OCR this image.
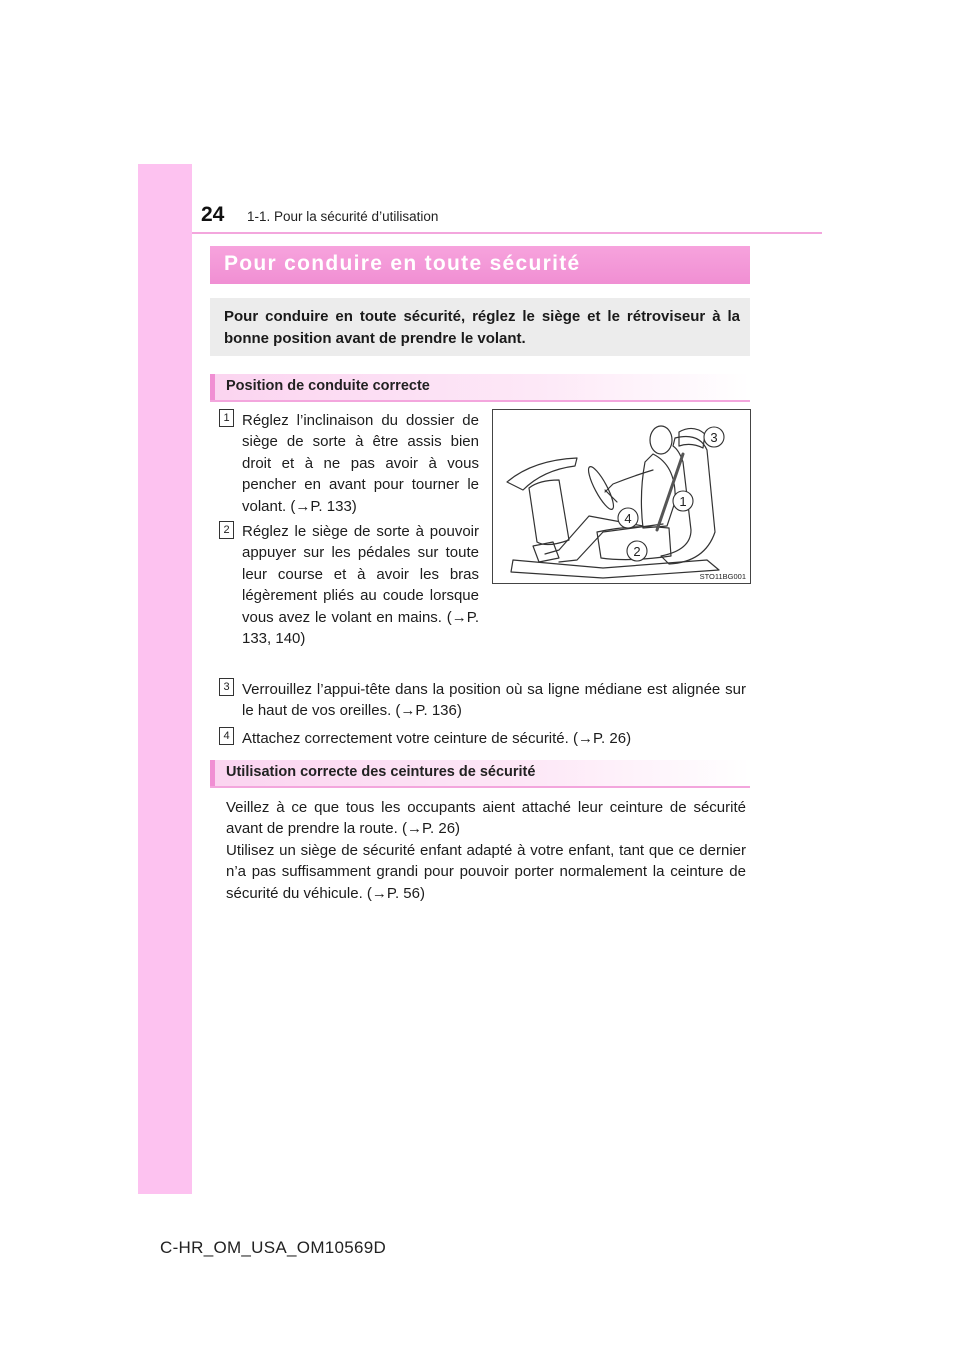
24 1-1. Pour la sécurité d’utilisation
Pour conduire en toute sécurité

Pour conduire en toute sécurité, réglez le siège et le rétroviseur à la bonne position avant de prendre le volant.

Position de conduite correcte
1 Réglez l’inclinaison du dossier de siège de sorte à être assis bien droit et à ne pas avoir à vous pencher en avant pour tourner le volant. (→P. 133)

2 Réglez le siège de sorte à pouvoir appuyer sur les pédales sur toute leur course et à avoir les bras légèrement pliés au coude lorsque vous avez le volant en mains. (→P. 133, 140)

3 Verrouillez l’appui-tête dans la position où sa ligne médiane est alignée sur le haut de vos oreilles. (→P. 136)

4 Attachez correctement votre ceinture de sécurité. (→P. 26)

3
1
4
2
STO11BG001
Utilisation correcte des ceintures de sécurité

Veillez à ce que tous les occupants aient attaché leur ceinture de sécurité avant de prendre la route. (→P. 26)

Utilisez un siège de sécurité enfant adapté à votre enfant, tant que ce dernier n’a pas suffisamment grandi pour pouvoir porter normalement la ceinture de sécurité du véhicule. (→P. 56)

C-HR_OM_USA_OM10569D
